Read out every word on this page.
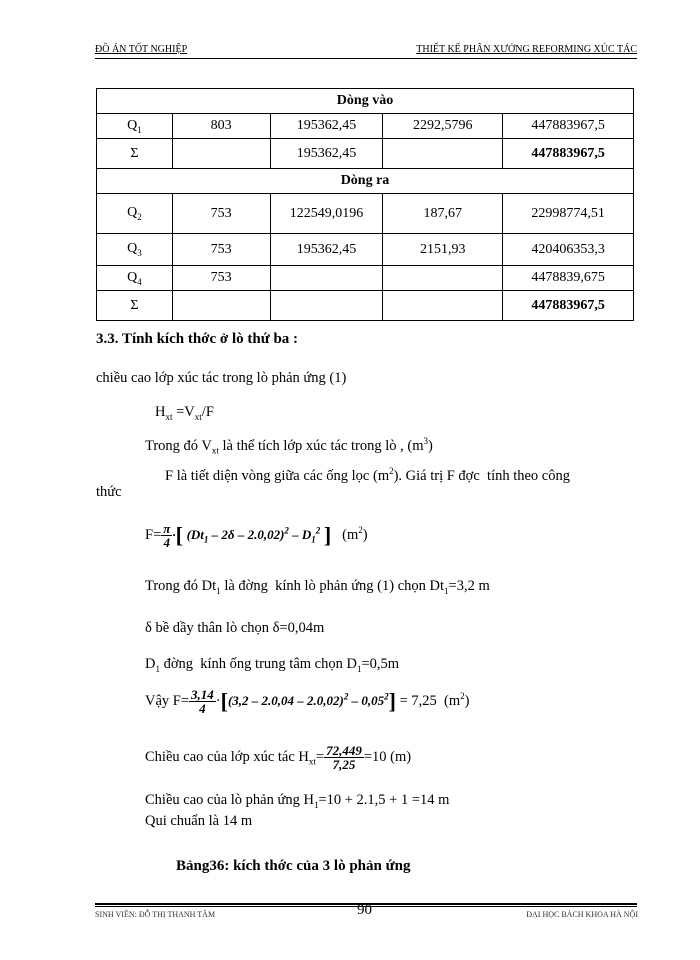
ĐỒ ÁN TỐT NGHIỆP	THIẾT KẾ PHÂN XƯỞNG REFORMING XÚC TÁC
Dòng vào				
$Q_1$	803	195362,45	2292,5796	447883967,5
Σ		195362,45		447883967,5
Dòng ra				
$Q_2$	753	122549,0196	187,67	22998774,51
$Q_3$	753	195362,45	2151,93	420406353,3
$Q_4$	753			4478839,675
Σ				447883967,5
3.3. Tính kích thớc ở lò thứ ba :
chiều cao lớp xúc tác trong lò phản ứng (1)
$H_{xt} =V_{xt}/F$
Trong đó $V_{xt}$ là thể tích lớp xúc tác trong lò , $(m^3)$
F là tiết diện vòng giữa các ống lọc $(m^2)$. Giá trị F đợc  tính theo công
thức
$F= \frac{\pi}{4}$ ·[ $(Dt_1 - 2\delta - 2.0,02)^2 - D_1^2$ ]   $(m^2)$
Trong đó $Dt_1$ là đờng  kính lò phản ứng (1) chọn $Dt_1=3,2$ m
δ bề dầy thân lò chọn δ=0,04m
$D_1$ đờng  kính ống trung tâm chọn $D_1=0,5m$
Vậy $F= \frac{3,14}{4} \cdot[(3,2 - 2.0,04 - 2.0,02)^2 - 0,05^2] = 7,25$  $(m^2)$
Chiều cao của lớp xúc tác $H_{xt}= \frac{72,449}{7,25} =10$ (m)
Chiều cao của lò phản ứng $H_1=10 + 2.1,5 + 1 =14$ m
Qui chuẩn là 14 m
Bảng36: kích thớc của 3 lò phản ứng
SINH VIÊN: ĐỖ THỊ THANH TÂM	90	ĐẠI HỌC BÁCH KHOA HÀ NỘI
